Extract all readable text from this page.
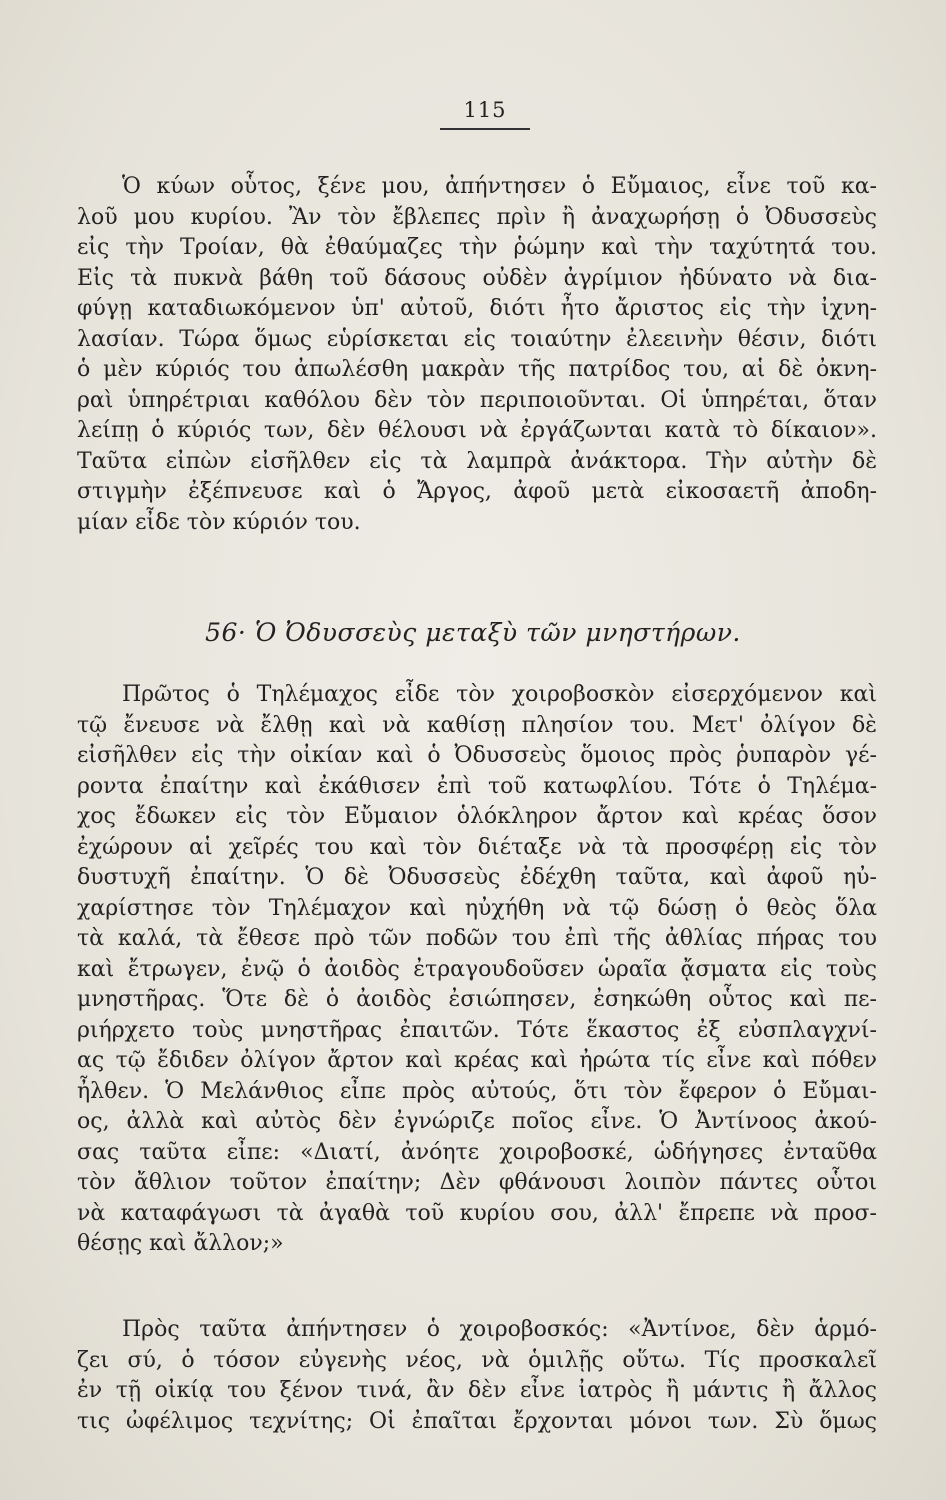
115
Ὁ κύων οὗτος, ξένε μου, ἀπήντησεν ὁ Εὔμαιος, εἶνε τοῦ κα-
λοῦ μου κυρίου. Ἂν τὸν ἔβλεπες πρὶν ἢ ἀναχωρήσῃ ὁ Ὀδυσσεὺς
εἰς τὴν Τροίαν, θὰ ἐθαύμαζες τὴν ῥώμην καὶ τὴν ταχύτητά του.
Εἰς τὰ πυκνὰ βάθη τοῦ δάσους οὐδὲν ἀγρίμιον ἠδύνατο νὰ δια-
φύγῃ καταδιωκόμενον ὑπ' αὐτοῦ, διότι ἦτο ἄριστος εἰς τὴν ἰχνη-
λασίαν. Τώρα ὅμως εὑρίσκεται εἰς τοιαύτην ἐλεεινὴν θέσιν, διότι
ὁ μὲν κύριός του ἀπωλέσθη μακρὰν τῆς πατρίδος του, αἱ δὲ ὀκνη-
ραὶ ὑπηρέτριαι καθόλου δὲν τὸν περιποιοῦνται. Οἱ ὑπηρέται, ὅταν
λείπῃ ὁ κύριός των, δὲν θέλουσι νὰ ἐργάζωνται κατὰ τὸ δίκαιον».
Ταῦτα εἰπὼν εἰσῆλθεν εἰς τὰ λαμπρὰ ἀνάκτορα. Τὴν αὐτὴν δὲ
στιγμὴν ἐξέπνευσε καὶ ὁ Ἄργος, ἀφοῦ μετὰ εἰκοσαετῆ ἀποδη-
μίαν εἶδε τὸν κύριόν του.
56· Ὁ Ὀδυσσεὺς μεταξὺ τῶν μνηστήρων.
Πρῶτος ὁ Τηλέμαχος εἶδε τὸν χοιροβοσκὸν εἰσερχόμενον καὶ
τῷ ἔνευσε νὰ ἔλθῃ καὶ νὰ καθίσῃ πλησίον του. Μετ' ὀλίγον δὲ
εἰσῆλθεν εἰς τὴν οἰκίαν καὶ ὁ Ὀδυσσεὺς ὅμοιος πρὸς ῥυπαρὸν γέ-
ροντα ἐπαίτην καὶ ἐκάθισεν ἐπὶ τοῦ κατωφλίου. Τότε ὁ Τηλέμα-
χος ἔδωκεν εἰς τὸν Εὔμαιον ὁλόκληρον ἄρτον καὶ κρέας ὅσον
ἐχώρουν αἱ χεῖρές του καὶ τὸν διέταξε νὰ τὰ προσφέρῃ εἰς τὸν
δυστυχῆ ἐπαίτην. Ὁ δὲ Ὀδυσσεὺς ἐδέχθη ταῦτα, καὶ ἀφοῦ ηὐ-
χαρίστησε τὸν Τηλέμαχον καὶ ηὐχήθη νὰ τῷ δώσῃ ὁ θεὸς ὅλα
τὰ καλά, τὰ ἔθεσε πρὸ τῶν ποδῶν του ἐπὶ τῆς ἀθλίας πήρας του
καὶ ἔτρωγεν, ἐνῷ ὁ ἀοιδὸς ἐτραγουδοῦσεν ὡραῖα ᾄσματα εἰς τοὺς
μνηστῆρας. Ὅτε δὲ ὁ ἀοιδὸς ἐσιώπησεν, ἐσηκώθη οὗτος καὶ πε-
ριήρχετο τοὺς μνηστῆρας ἐπαιτῶν. Τότε ἕκαστος ἐξ εὐσπλαγχνί-
ας τῷ ἔδιδεν ὀλίγον ἄρτον καὶ κρέας καὶ ἠρώτα τίς εἶνε καὶ πόθεν
ἦλθεν. Ὁ Μελάνθιος εἶπε πρὸς αὐτούς, ὅτι τὸν ἔφερον ὁ Εὔμαι-
ος, ἀλλὰ καὶ αὐτὸς δὲν ἐγνώριζε ποῖος εἶνε. Ὁ Ἀντίνοος ἀκού-
σας ταῦτα εἶπε: «Διατί, ἀνόητε χοιροβοσκέ, ὡδήγησες ἐνταῦθα
τὸν ἄθλιον τοῦτον ἐπαίτην; Δὲν φθάνουσι λοιπὸν πάντες οὗτοι
νὰ καταφάγωσι τὰ ἀγαθὰ τοῦ κυρίου σου, ἀλλ' ἔπρεπε νὰ προσ-
θέσῃς καὶ ἄλλον;»
Πρὸς ταῦτα ἀπήντησεν ὁ χοιροβοσκός: «Ἀντίνοε, δὲν ἁρμό-
ζει σύ, ὁ τόσον εὐγενὴς νέος, νὰ ὁμιλῇς οὕτω. Τίς προσκαλεῖ
ἐν τῇ οἰκίᾳ του ξένον τινά, ἂν δὲν εἶνε ἰατρὸς ἢ μάντις ἢ ἄλλος
τις ὠφέλιμος τεχνίτης; Οἱ ἐπαῖται ἔρχονται μόνοι των. Σὺ ὅμως
